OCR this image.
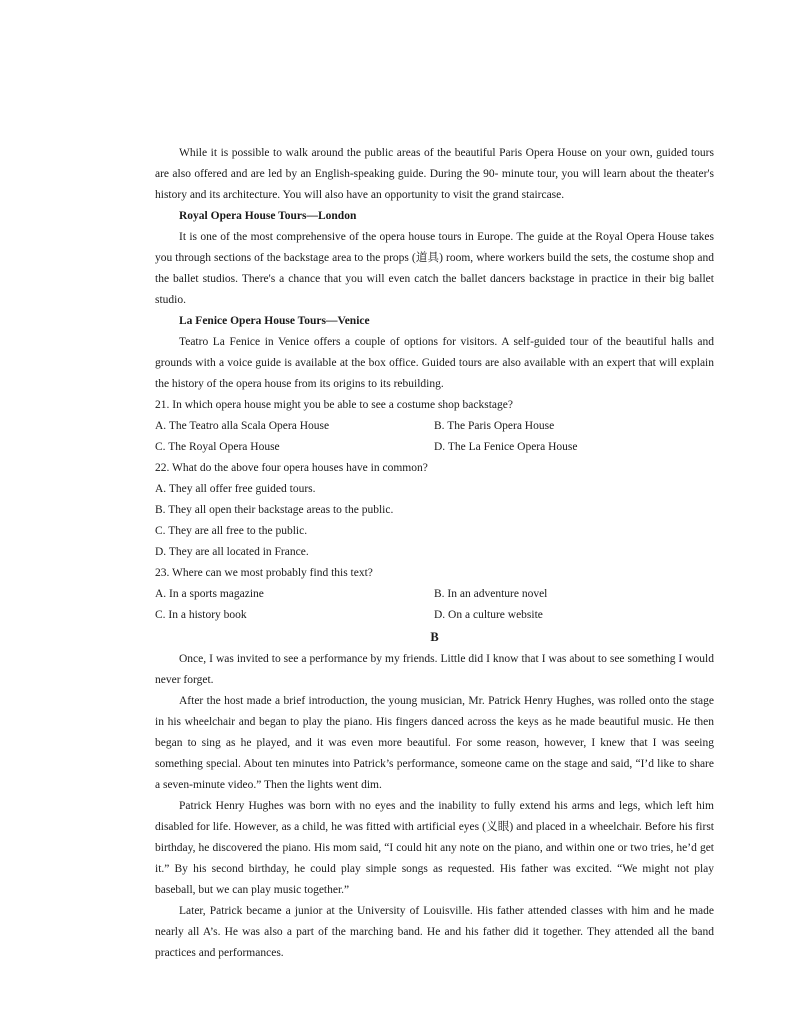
While it is possible to walk around the public areas of the beautiful Paris Opera House on your own, guided tours are also offered and are led by an English-speaking guide. During the 90- minute tour, you will learn about the theater's history and its architecture. You will also have an opportunity to visit the grand staircase.

Royal Opera House Tours—London

It is one of the most comprehensive of the opera house tours in Europe. The guide at the Royal Opera House takes you through sections of the backstage area to the props (道具) room, where workers build the sets, the costume shop and the ballet studios. There's a chance that you will even catch the ballet dancers backstage in practice in their big ballet studio.

La Fenice Opera House Tours—Venice

Teatro La Fenice in Venice offers a couple of options for visitors. A self-guided tour of the beautiful halls and grounds with a voice guide is available at the box office. Guided tours are also available with an expert that will explain the history of the opera house from its origins to its rebuilding.

21. In which opera house might you be able to see a costume shop backstage?

A. The Teatro alla Scala Opera House	B. The Paris Opera House
C. The Royal Opera House	D. The La Fenice Opera House

22. What do the above four opera houses have in common?

A. They all offer free guided tours.

B. They all open their backstage areas to the public.

C. They are all free to the public.

D. They are all located in France.

23. Where can we most probably find this text?

A. In a sports magazine	B. In an adventure novel
C. In a history book	D. On a culture website

B

Once, I was invited to see a performance by my friends. Little did I know that I was about to see something I would never forget.

After the host made a brief introduction, the young musician, Mr. Patrick Henry Hughes, was rolled onto the stage in his wheelchair and began to play the piano. His fingers danced across the keys as he made beautiful music. He then began to sing as he played, and it was even more beautiful. For some reason, however, I knew that I was seeing something special. About ten minutes into Patrick’s performance, someone came on the stage and said, “I’d like to share a seven-minute video.” Then the lights went dim.

Patrick Henry Hughes was born with no eyes and the inability to fully extend his arms and legs, which left him disabled for life. However, as a child, he was fitted with artificial eyes (义眼) and placed in a wheelchair. Before his first birthday, he discovered the piano. His mom said, “I could hit any note on the piano, and within one or two tries, he’d get it.” By his second birthday, he could play simple songs as requested. His father was excited. “We might not play baseball, but we can play music together.”

Later, Patrick became a junior at the University of Louisville. His father attended classes with him and he made nearly all A’s. He was also a part of the marching band. He and his father did it together. They attended all the band practices and performances.
